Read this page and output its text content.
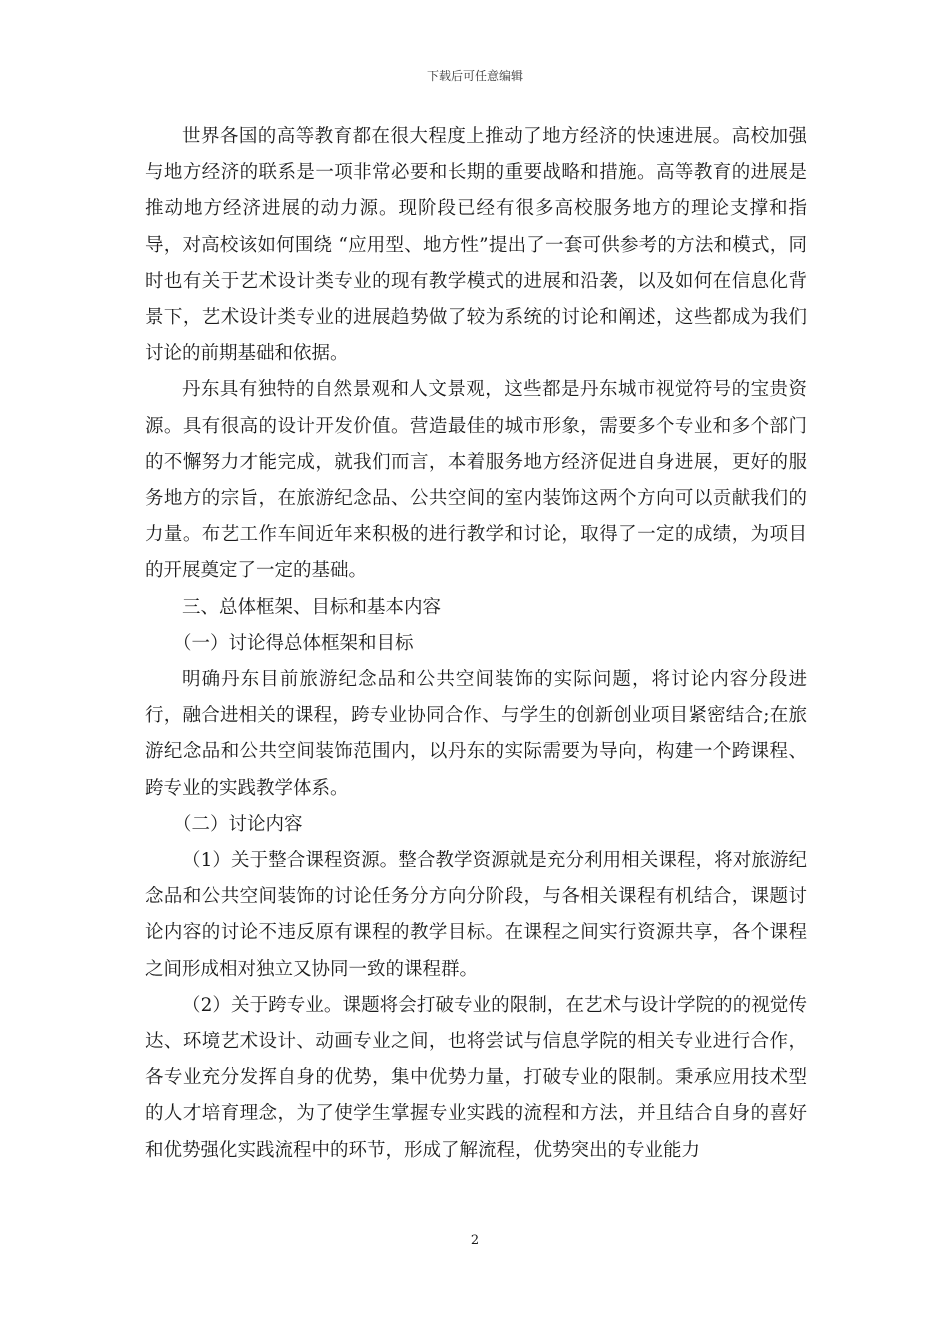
下载后可任意编辑

世界各国的高等教育都在很大程度上推动了地方经济的快速进展。高校加强与地方经济的联系是一项非常必要和长期的重要战略和措施。高等教育的进展是推动地方经济进展的动力源。现阶段已经有很多高校服务地方的理论支撑和指导，对高校该如何围绕 “应用型、地方性”提出了一套可供参考的方法和模式，同时也有关于艺术设计类专业的现有教学模式的进展和沿袭，以及如何在信息化背景下，艺术设计类专业的进展趋势做了较为系统的讨论和阐述，这些都成为我们讨论的前期基础和依据。

丹东具有独特的自然景观和人文景观，这些都是丹东城市视觉符号的宝贵资源。具有很高的设计开发价值。营造最佳的城市形象，需要多个专业和多个部门的不懈努力才能完成，就我们而言，本着服务地方经济促进自身进展，更好的服务地方的宗旨，在旅游纪念品、公共空间的室内装饰这两个方向可以贡献我们的力量。布艺工作车间近年来积极的进行教学和讨论，取得了一定的成绩，为项目的开展奠定了一定的基础。

三、总体框架、目标和基本内容

（一）讨论得总体框架和目标

明确丹东目前旅游纪念品和公共空间装饰的实际问题，将讨论内容分段进行，融合进相关的课程，跨专业协同合作、与学生的创新创业项目紧密结合;在旅游纪念品和公共空间装饰范围内，以丹东的实际需要为导向，构建一个跨课程、跨专业的实践教学体系。

（二）讨论内容

（1）关于整合课程资源。整合教学资源就是充分利用相关课程，将对旅游纪念品和公共空间装饰的讨论任务分方向分阶段，与各相关课程有机结合，课题讨论内容的讨论不违反原有课程的教学目标。在课程之间实行资源共享，各个课程之间形成相对独立又协同一致的课程群。

（2）关于跨专业。课题将会打破专业的限制，在艺术与设计学院的的视觉传达、环境艺术设计、动画专业之间，也将尝试与信息学院的相关专业进行合作，各专业充分发挥自身的优势，集中优势力量，打破专业的限制。秉承应用技术型的人才培育理念，为了使学生掌握专业实践的流程和方法，并且结合自身的喜好和优势强化实践流程中的环节，形成了解流程，优势突出的专业能力

2
